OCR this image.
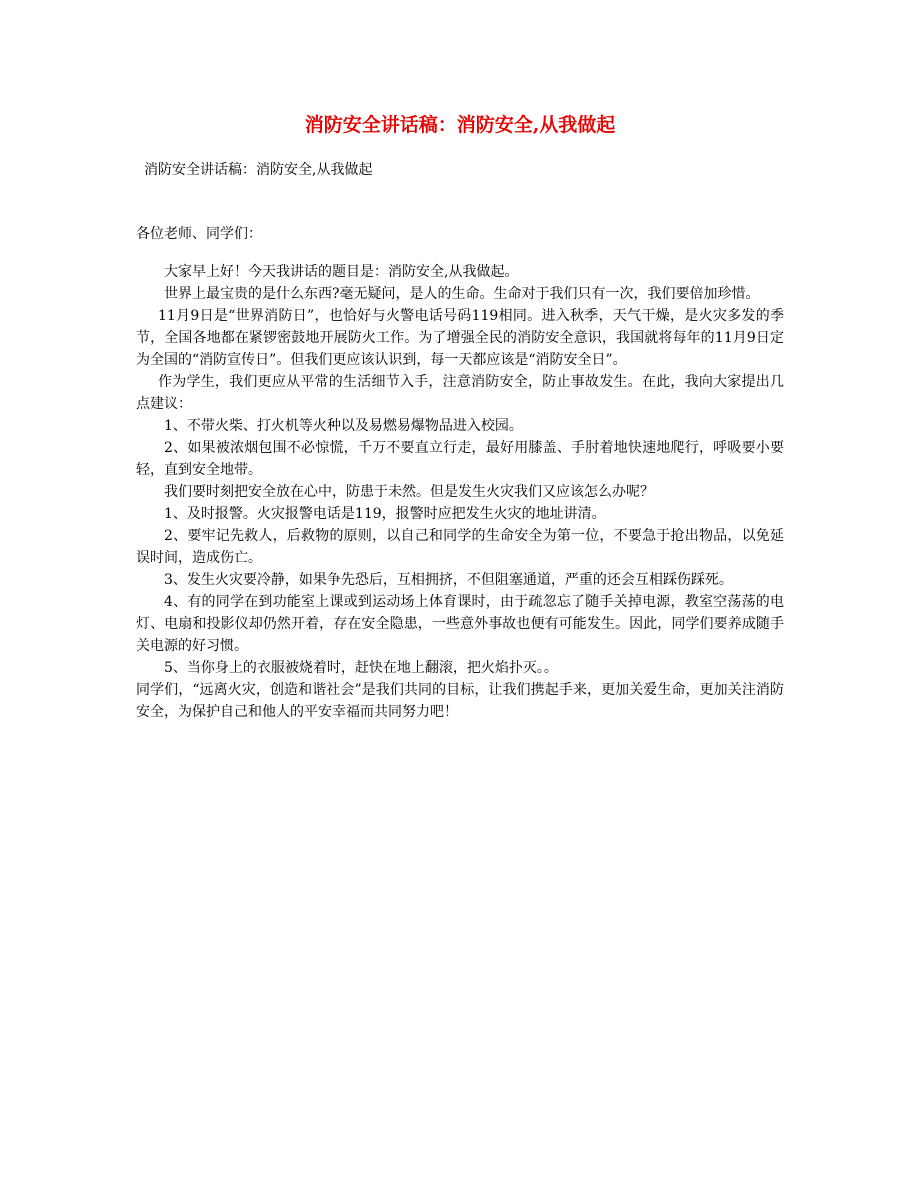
消防安全讲话稿：消防安全,从我做起
消防安全讲话稿：消防安全,从我做起
各位老师、同学们：

大家早上好！今天我讲话的题目是：消防安全,从我做起。

世界上最宝贵的是什么东西?毫无疑问，是人的生命。生命对于我们只有一次，我们要倍加珍惜。

11月9日是“世界消防日”，也恰好与火警电话号码119相同。进入秋季，天气干燥，是火灾多发的季节，全国各地都在紧锣密鼓地开展防火工作。为了增强全民的消防安全意识，我国就将每年的11月9日定为全国的“消防宣传日”。但我们更应该认识到，每一天都应该是“消防安全日”。

作为学生，我们更应从平常的生活细节入手，注意消防安全，防止事故发生。在此，我向大家提出几点建议：

1、不带火柴、打火机等火种以及易燃易爆物品进入校园。

2、如果被浓烟包围不必惊慌，千万不要直立行走，最好用膝盖、手肘着地快速地爬行，呼吸要小要轻，直到安全地带。

我们要时刻把安全放在心中，防患于未然。但是发生火灾我们又应该怎么办呢？

1、及时报警。火灾报警电话是119，报警时应把发生火灾的地址讲清。

2、要牢记先救人，后救物的原则，以自己和同学的生命安全为第一位，不要急于抢出物品，以免延误时间，造成伤亡。

3、发生火灾要冷静，如果争先恐后，互相拥挤，不但阻塞通道，严重的还会互相踩伤踩死。

4、有的同学在到功能室上课或到运动场上体育课时，由于疏忽忘了随手关掉电源，教室空荡荡的电灯、电扇和投影仪却仍然开着，存在安全隐患，一些意外事故也便有可能发生。因此，同学们要养成随手关电源的好习惯。

5、当你身上的衣服被烧着时，赶快在地上翻滚，把火焰扑灭。。

同学们，“远离火灾，创造和谐社会”是我们共同的目标，让我们携起手来，更加关爱生命，更加关注消防安全，为保护自己和他人的平安幸福而共同努力吧！
